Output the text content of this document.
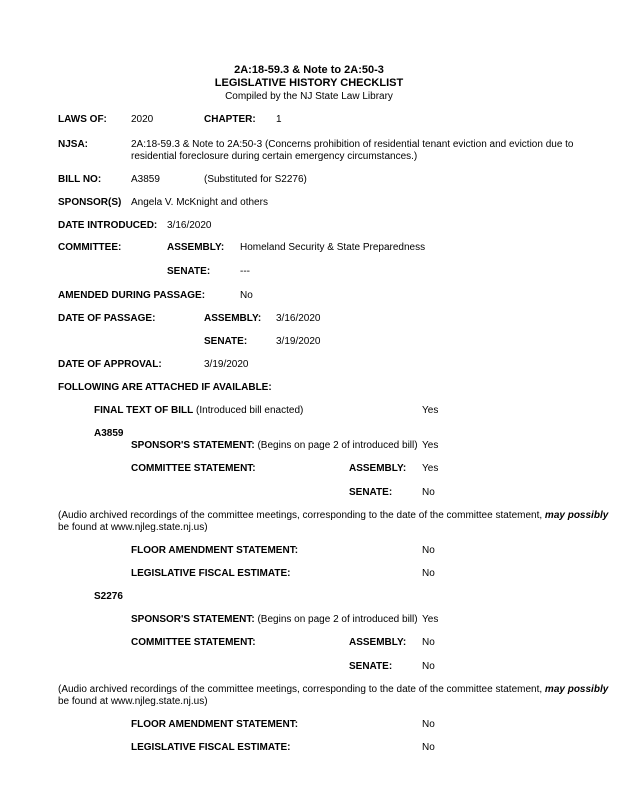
2A:18-59.3 & Note to 2A:50-3
LEGISLATIVE HISTORY CHECKLIST
Compiled by the NJ State Law Library
LAWS OF: 2020	CHAPTER: 1
NJSA:	2A:18-59.3 & Note to 2A:50-3 (Concerns prohibition of residential tenant eviction and eviction due to
residential foreclosure during certain emergency circumstances.)
BILL NO:	A3859	(Substituted for S2276)
SPONSOR(S) Angela V. McKnight and others
DATE INTRODUCED: 3/16/2020
COMMITTEE:	ASSEMBLY: Homeland Security & State Preparedness
SENATE:	---
AMENDED DURING PASSAGE:	No
DATE OF PASSAGE:	ASSEMBLY: 3/16/2020
SENATE:	3/19/2020
DATE OF APPROVAL:	3/19/2020
FOLLOWING ARE ATTACHED IF AVAILABLE:
FINAL TEXT OF BILL (Introduced bill enacted)	Yes
A3859
SPONSOR'S STATEMENT: (Begins on page 2 of introduced bill) Yes
COMMITTEE STATEMENT:	ASSEMBLY: Yes
SENATE:	No
(Audio archived recordings of the committee meetings, corresponding to the date of the committee statement, may possibly
be found at www.njleg.state.nj.us)
FLOOR AMENDMENT STATEMENT:	No
LEGISLATIVE FISCAL ESTIMATE:	No
S2276
SPONSOR'S STATEMENT: (Begins on page 2 of introduced bill) Yes
COMMITTEE STATEMENT:	ASSEMBLY: No
SENATE:	No
(Audio archived recordings of the committee meetings, corresponding to the date of the committee statement, may possibly
be found at www.njleg.state.nj.us)
FLOOR AMENDMENT STATEMENT:	No
LEGISLATIVE FISCAL ESTIMATE:	No
